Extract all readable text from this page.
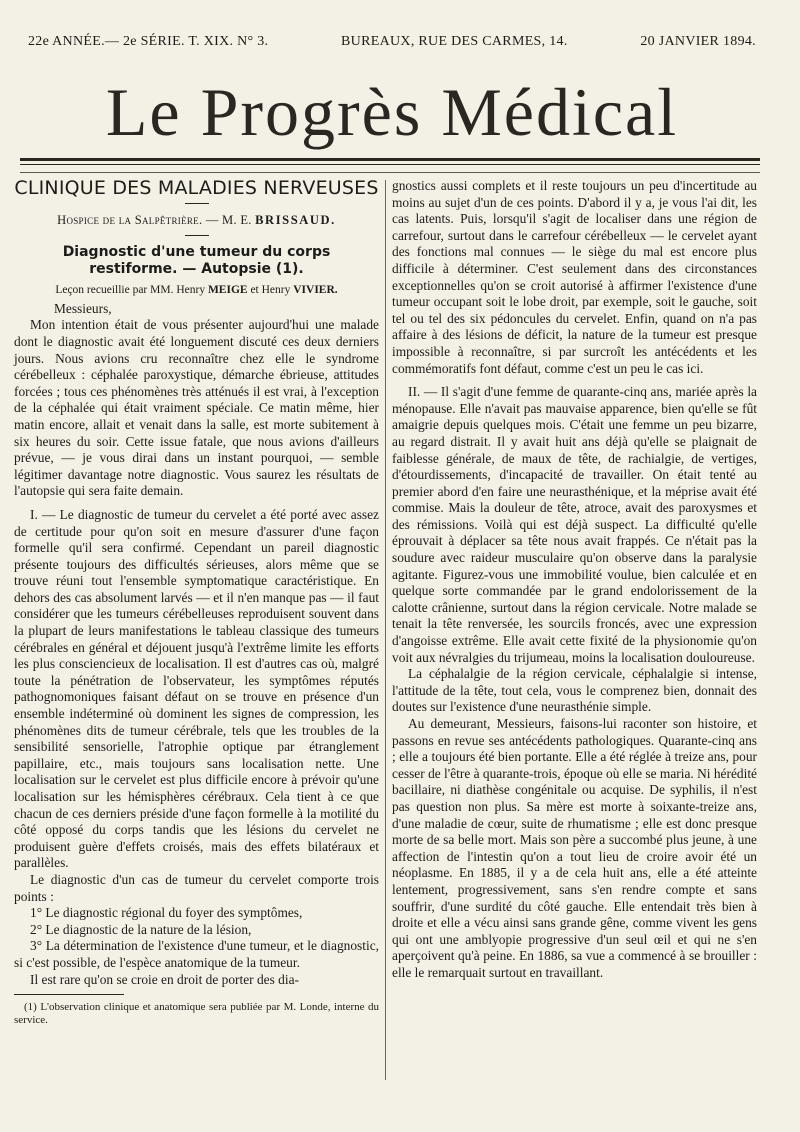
22e ANNÉE.— 2e SÉRIE. T. XIX. N° 3.	BUREAUX, RUE DES CARMES, 14.	20 JANVIER 1894.
Le Progrès Médical
CLINIQUE DES MALADIES NERVEUSES
Hospice de la Salpêtrière. — M. E. BRISSAUD.
Diagnostic d'une tumeur du corps restiforme. — Autopsie (1).
Leçon recueillie par MM. Henry MEIGE et Henry VIVIER.

Messieurs,

Mon intention était de vous présenter aujourd'hui une malade dont le diagnostic avait été longuement discuté ces deux derniers jours. Nous avions cru reconnaître chez elle le syndrome cérébelleux : céphalée paroxystique, démarche ébrieuse, attitudes forcées ; tous ces phénomènes très atténués il est vrai, à l'exception de la céphalée qui était vraiment spéciale. Ce matin même, hier matin encore, allait et venait dans la salle, est morte subitement à six heures du soir. Cette issue fatale, que nous avions d'ailleurs prévue, — je vous dirai dans un instant pourquoi, — semble légitimer davantage notre diagnostic. Vous saurez les résultats de l'autopsie qui sera faite demain.

I. — Le diagnostic de tumeur du cervelet a été porté avec assez de certitude pour qu'on soit en mesure d'assurer d'une façon formelle qu'il sera confirmé. Cependant un pareil diagnostic présente toujours des difficultés sérieuses, alors même que se trouve réuni tout l'ensemble symptomatique caractéristique. En dehors des cas absolument larvés — et il n'en manque pas — il faut considérer que les tumeurs cérébelleuses reproduisent souvent dans la plupart de leurs manifestations le tableau classique des tumeurs cérébrales en général et déjouent jusqu'à l'extrême limite les efforts les plus consciencieux de localisation. Il est d'autres cas où, malgré toute la pénétration de l'observateur, les symptômes réputés pathognomoniques faisant défaut on se trouve en présence d'un ensemble indéterminé où dominent les signes de compression, les phénomènes dits de tumeur cérébrale, tels que les troubles de la sensibilité sensorielle, l'atrophie optique par étranglement papillaire, etc., mais toujours sans localisation nette. Une localisation sur le cervelet est plus difficile encore à prévoir qu'une localisation sur les hémisphères cérébraux. Cela tient à ce que chacun de ces derniers préside d'une façon formelle à la motilité du côté opposé du corps tandis que les lésions du cervelet ne produisent guère d'effets croisés, mais des effets bilatéraux et parallèles.

Le diagnostic d'un cas de tumeur du cervelet comporte trois points :

1° Le diagnostic régional du foyer des symptômes,

2° Le diagnostic de la nature de la lésion,

3° La détermination de l'existence d'une tumeur, et le diagnostic, si c'est possible, de l'espèce anatomique de la tumeur.

Il est rare qu'on se croie en droit de porter des dia-

(1) L'observation clinique et anatomique sera publiée par M. Londe, interne du service.

gnostics aussi complets et il reste toujours un peu d'incertitude au moins au sujet d'un de ces points. D'abord il y a, je vous l'ai dit, les cas latents. Puis, lorsqu'il s'agit de localiser dans une région de carrefour, surtout dans le carrefour cérébelleux — le cervelet ayant des fonctions mal connues — le siège du mal est encore plus difficile à déterminer. C'est seulement dans des circonstances exceptionnelles qu'on se croit autorisé à affirmer l'existence d'une tumeur occupant soit le lobe droit, par exemple, soit le gauche, soit tel ou tel des six pédoncules du cervelet. Enfin, quand on n'a pas affaire à des lésions de déficit, la nature de la tumeur est presque impossible à reconnaître, si par surcroît les antécédents et les commémoratifs font défaut, comme c'est un peu le cas ici.

II. — Il s'agit d'une femme de quarante-cinq ans, mariée après la ménopause. Elle n'avait pas mauvaise apparence, bien qu'elle se fût amaigrie depuis quelques mois. C'était une femme un peu bizarre, au regard distrait. Il y avait huit ans déjà qu'elle se plaignait de faiblesse générale, de maux de tête, de rachialgie, de vertiges, d'étourdissements, d'incapacité de travailler. On était tenté au premier abord d'en faire une neurasthénique, et la méprise avait été commise. Mais la douleur de tête, atroce, avait des paroxysmes et des rémissions. Voilà qui est déjà suspect. La difficulté qu'elle éprouvait à déplacer sa tête nous avait frappés. Ce n'était pas la soudure avec raideur musculaire qu'on observe dans la paralysie agitante. Figurez-vous une immobilité voulue, bien calculée et en quelque sorte commandée par le grand endolorissement de la calotte crânienne, surtout dans la région cervicale. Notre malade se tenait la tête renversée, les sourcils froncés, avec une expression d'angoisse extrême. Elle avait cette fixité de la physionomie qu'on voit aux névralgies du trijumeau, moins la localisation douloureuse.

La céphalalgie de la région cervicale, céphalalgie si intense, l'attitude de la tête, tout cela, vous le comprenez bien, donnait des doutes sur l'existence d'une neurasthénie simple.

Au demeurant, Messieurs, faisons-lui raconter son histoire, et passons en revue ses antécédents pathologiques. Quarante-cinq ans ; elle a toujours été bien portante. Elle a été réglée à treize ans, pour cesser de l'être à quarante-trois, époque où elle se maria. Ni hérédité bacillaire, ni diathèse congénitale ou acquise. De syphilis, il n'est pas question non plus. Sa mère est morte à soixante-treize ans, d'une maladie de cœur, suite de rhumatisme ; elle est donc presque morte de sa belle mort. Mais son père a succombé plus jeune, à une affection de l'intestin qu'on a tout lieu de croire avoir été un néoplasme. En 1885, il y a de cela huit ans, elle a été atteinte lentement, progressivement, sans s'en rendre compte et sans souffrir, d'une surdité du côté gauche. Elle entendait très bien à droite et elle a vécu ainsi sans grande gêne, comme vivent les gens qui ont une amblyopie progressive d'un seul œil et qui ne s'en aperçoivent qu'à peine. En 1886, sa vue a commencé à se brouiller : elle le remarquait surtout en travaillant.
